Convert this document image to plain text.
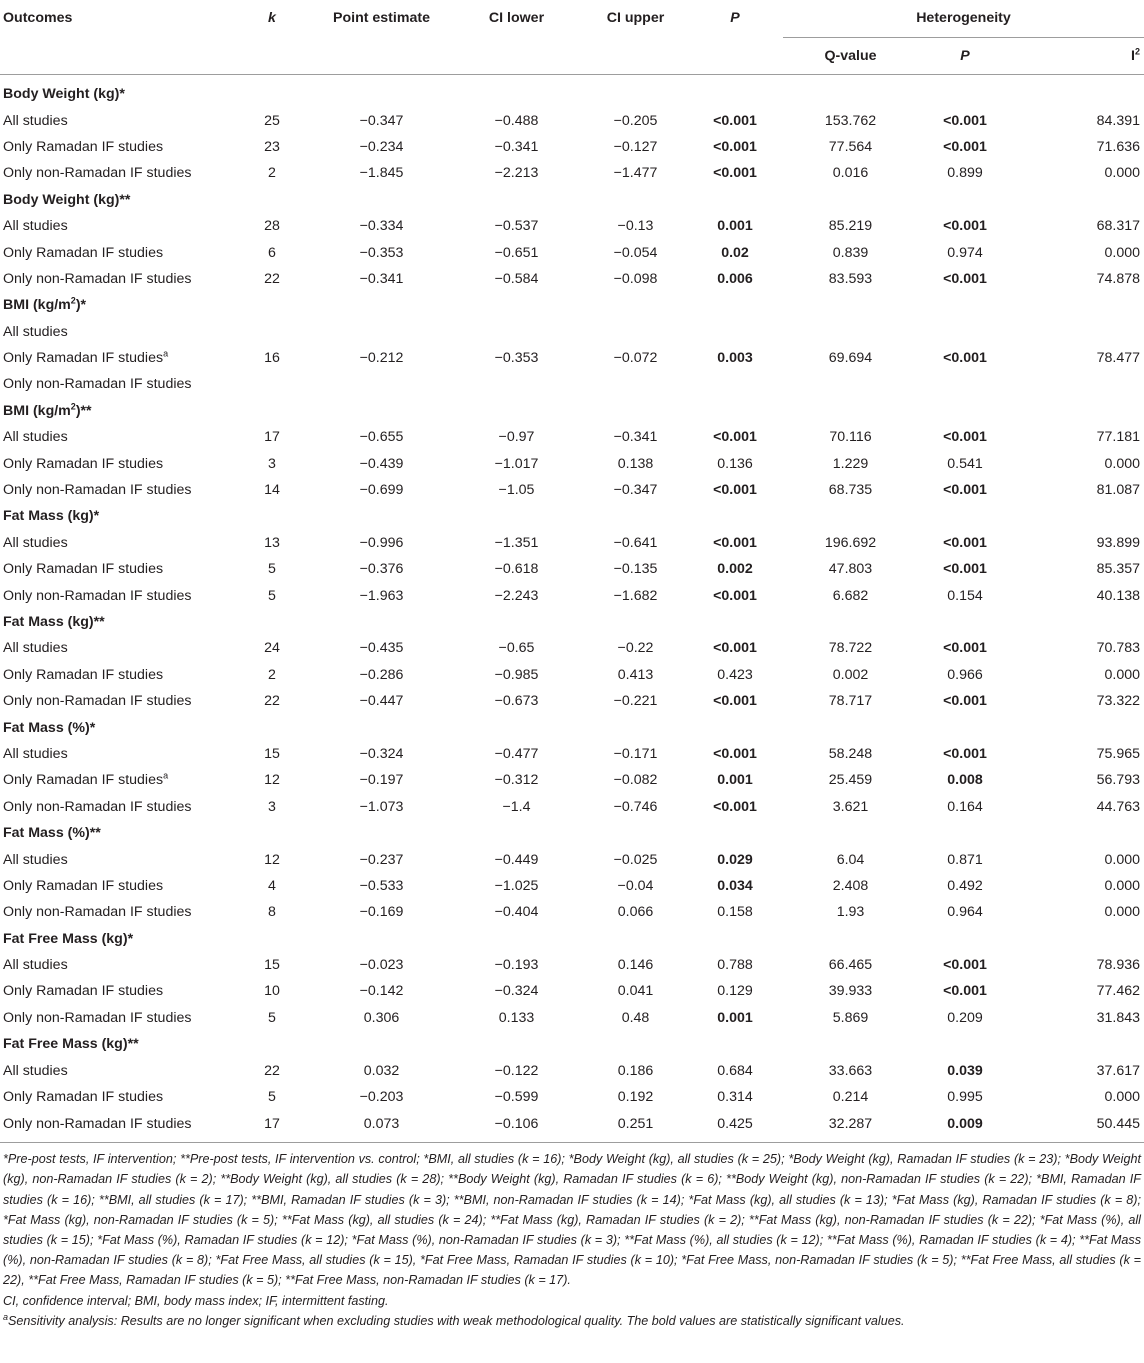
Outcomes	k	Point estimate	CI lower	CI upper	P	Heterogeneity		
						Q-value	P	$I^2$
Body Weight (kg)*								
All studies	25	−0.347	−0.488	−0.205	<0.001	153.762	<0.001	84.391
Only Ramadan IF studies	23	−0.234	−0.341	−0.127	<0.001	77.564	<0.001	71.636
Only non-Ramadan IF studies	2	−1.845	−2.213	−1.477	<0.001	0.016	0.899	0.000
Body Weight (kg)**								
All studies	28	−0.334	−0.537	−0.13	0.001	85.219	<0.001	68.317
Only Ramadan IF studies	6	−0.353	−0.651	−0.054	0.02	0.839	0.974	0.000
Only non-Ramadan IF studies	22	−0.341	−0.584	−0.098	0.006	83.593	<0.001	74.878
BMI $(kg/m^2)*$								
All studies								
Only Ramadan IF studies$^a$	16	−0.212	−0.353	−0.072	0.003	69.694	<0.001	78.477
Only non-Ramadan IF studies								
BMI $(kg/m^2)**$								
All studies	17	−0.655	−0.97	−0.341	<0.001	70.116	<0.001	77.181
Only Ramadan IF studies	3	−0.439	−1.017	0.138	0.136	1.229	0.541	0.000
Only non-Ramadan IF studies	14	−0.699	−1.05	−0.347	<0.001	68.735	<0.001	81.087
Fat Mass (kg)*								
All studies	13	−0.996	−1.351	−0.641	<0.001	196.692	<0.001	93.899
Only Ramadan IF studies	5	−0.376	−0.618	−0.135	0.002	47.803	<0.001	85.357
Only non-Ramadan IF studies	5	−1.963	−2.243	−1.682	<0.001	6.682	0.154	40.138
Fat Mass (kg)**								
All studies	24	−0.435	−0.65	−0.22	<0.001	78.722	<0.001	70.783
Only Ramadan IF studies	2	−0.286	−0.985	0.413	0.423	0.002	0.966	0.000
Only non-Ramadan IF studies	22	−0.447	−0.673	−0.221	<0.001	78.717	<0.001	73.322
Fat Mass (%)*								
All studies	15	−0.324	−0.477	−0.171	<0.001	58.248	<0.001	75.965
Only Ramadan IF studies$^a$	12	−0.197	−0.312	−0.082	0.001	25.459	0.008	56.793
Only non-Ramadan IF studies	3	−1.073	−1.4	−0.746	<0.001	3.621	0.164	44.763
Fat Mass (%)**								
All studies	12	−0.237	−0.449	−0.025	0.029	6.04	0.871	0.000
Only Ramadan IF studies	4	−0.533	−1.025	−0.04	0.034	2.408	0.492	0.000
Only non-Ramadan IF studies	8	−0.169	−0.404	0.066	0.158	1.93	0.964	0.000
Fat Free Mass (kg)*								
All studies	15	−0.023	−0.193	0.146	0.788	66.465	<0.001	78.936
Only Ramadan IF studies	10	−0.142	−0.324	0.041	0.129	39.933	<0.001	77.462
Only non-Ramadan IF studies	5	0.306	0.133	0.48	0.001	5.869	0.209	31.843
Fat Free Mass (kg)**								
All studies	22	0.032	−0.122	0.186	0.684	33.663	0.039	37.617
Only Ramadan IF studies	5	−0.203	−0.599	0.192	0.314	0.214	0.995	0.000
Only non-Ramadan IF studies	17	0.073	−0.106	0.251	0.425	32.287	0.009	50.445

*Pre-post tests, IF intervention; **Pre-post tests, IF intervention vs. control; *BMI, all studies (k = 16); *Body Weight (kg), all studies (k = 25); *Body Weight (kg), Ramadan IF studies (k = 23); *Body Weight (kg), non-Ramadan IF studies (k = 2); **Body Weight (kg), all studies (k = 28); **Body Weight (kg), Ramadan IF studies (k = 6); **Body Weight (kg), non-Ramadan IF studies (k = 22); *BMI, Ramadan IF studies (k = 16); **BMI, all studies (k = 17); **BMI, Ramadan IF studies (k = 3); **BMI, non-Ramadan IF studies (k = 14); *Fat Mass (kg), all studies (k = 13); *Fat Mass (kg), Ramadan IF studies (k = 8); *Fat Mass (kg), non-Ramadan IF studies (k = 5); **Fat Mass (kg), all studies (k = 24); **Fat Mass (kg), Ramadan IF studies (k = 2); **Fat Mass (kg), non-Ramadan IF studies (k = 22); *Fat Mass (%), all studies (k = 15); *Fat Mass (%), Ramadan IF studies (k = 12); *Fat Mass (%), non-Ramadan IF studies (k = 3); **Fat Mass (%), all studies (k = 12); **Fat Mass (%), Ramadan IF studies (k = 4); **Fat Mass (%), non-Ramadan IF studies (k = 8); *Fat Free Mass, all studies (k = 15), *Fat Free Mass, Ramadan IF studies (k = 10); *Fat Free Mass, non-Ramadan IF studies (k = 5); **Fat Free Mass, all studies (k = 22), **Fat Free Mass, Ramadan IF studies (k = 5); **Fat Free Mass, non-Ramadan IF studies (k = 17).

CI, confidence interval; BMI, body mass index; IF, intermittent fasting.

$^a$Sensitivity analysis: Results are no longer significant when excluding studies with weak methodological quality. The bold values are statistically significant values.
